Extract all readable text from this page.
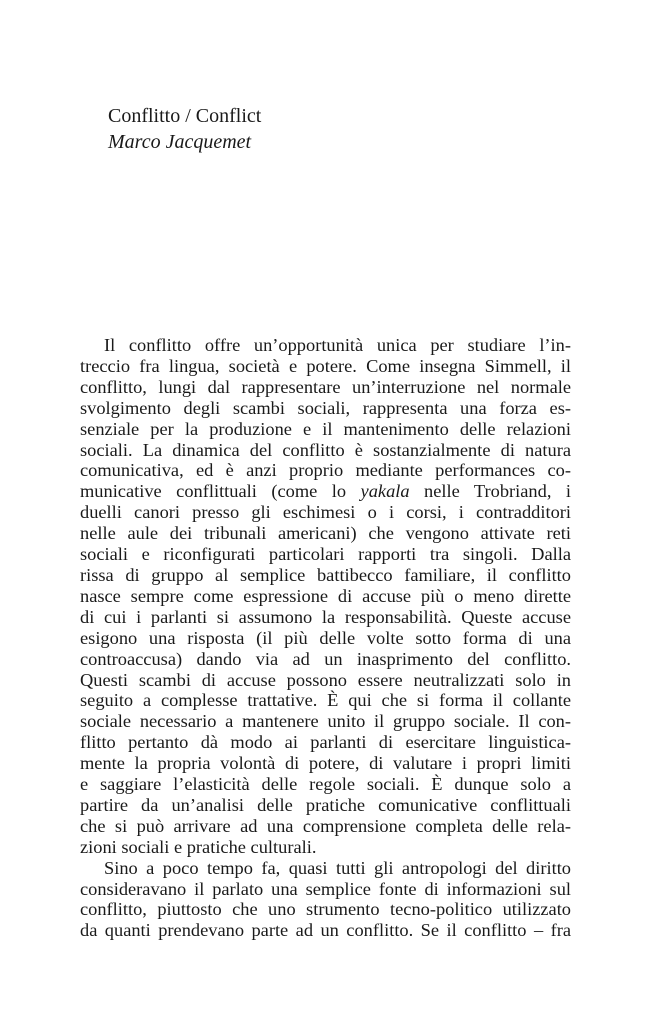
Conflitto / Conflict
Marco Jacquemet
Il conflitto offre un’opportunità unica per studiare l’in-
treccio fra lingua, società e potere. Come insegna Simmell, il
conflitto, lungi dal rappresentare un’interruzione nel normale
svolgimento degli scambi sociali, rappresenta una forza es-
senziale per la produzione e il mantenimento delle relazioni
sociali. La dinamica del conflitto è sostanzialmente di natura
comunicativa, ed è anzi proprio mediante performances co-
municative conflittuali (come lo yakala nelle Trobriand, i
duelli canori presso gli eschimesi o i corsi, i contradditori
nelle aule dei tribunali americani) che vengono attivate reti
sociali e riconfigurati particolari rapporti tra singoli. Dalla
rissa di gruppo al semplice battibecco familiare, il conflitto
nasce sempre come espressione di accuse più o meno dirette
di cui i parlanti si assumono la responsabilità. Queste accuse
esigono una risposta (il più delle volte sotto forma di una
controaccusa) dando via ad un inasprimento del conflitto.
Questi scambi di accuse possono essere neutralizzati solo in
seguito a complesse trattative. È qui che si forma il collante
sociale necessario a mantenere unito il gruppo sociale. Il con-
flitto pertanto dà modo ai parlanti di esercitare linguistica-
mente la propria volontà di potere, di valutare i propri limiti
e saggiare l’elasticità delle regole sociali. È dunque solo a
partire da un’analisi delle pratiche comunicative conflittuali
che si può arrivare ad una comprensione completa delle rela-
zioni sociali e pratiche culturali.
Sino a poco tempo fa, quasi tutti gli antropologi del diritto
consideravano il parlato una semplice fonte di informazioni sul
conflitto, piuttosto che uno strumento tecno-politico utilizzato
da quanti prendevano parte ad un conflitto. Se il conflitto – fra
